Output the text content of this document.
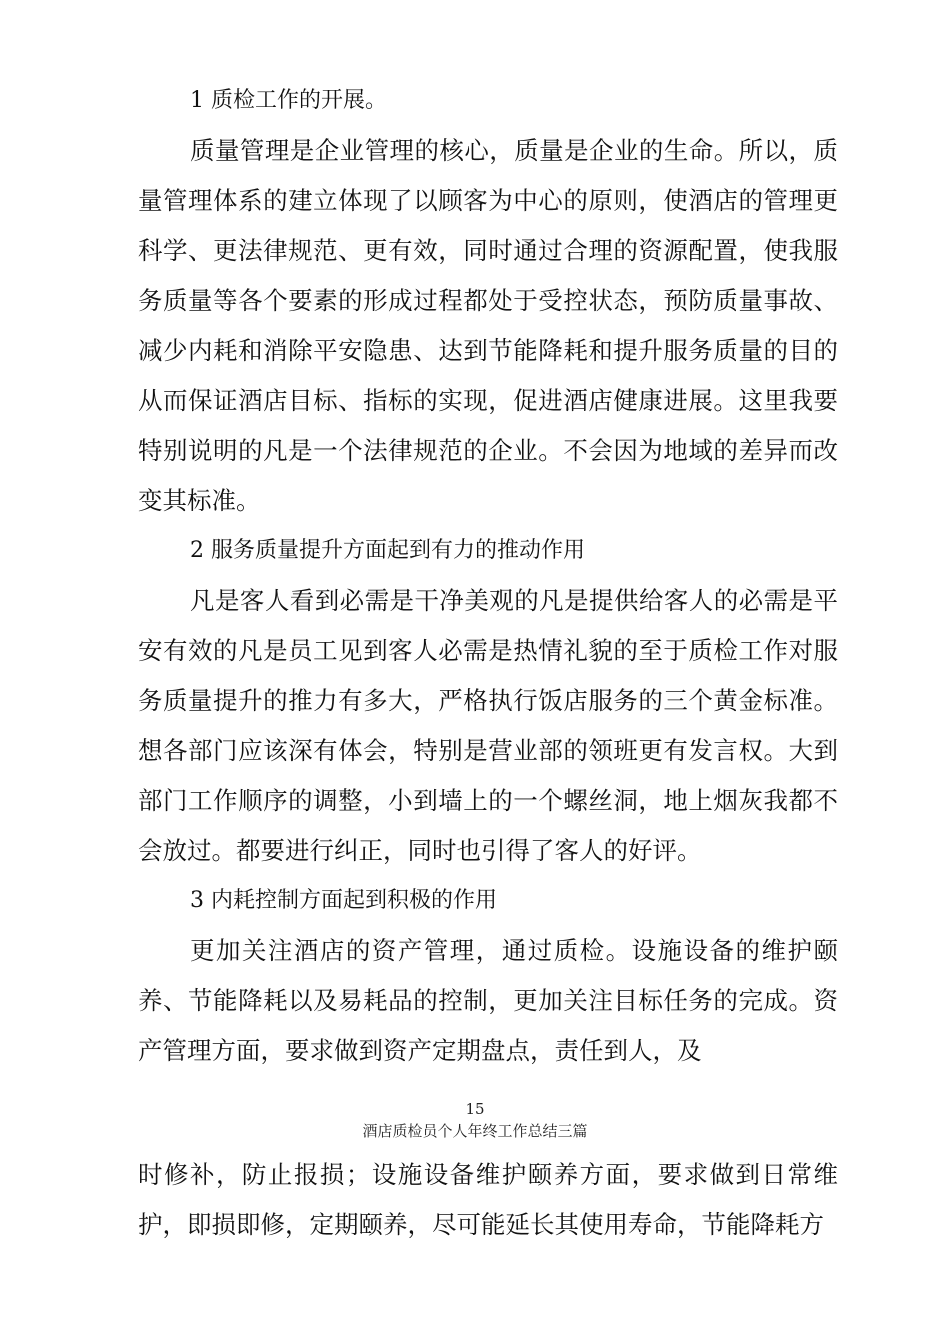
1 质检工作的开展。

质量管理是企业管理的核心，质量是企业的生命。所以，质量管理体系的建立体现了以顾客为中心的原则，使酒店的管理更科学、更法律规范、更有效，同时通过合理的资源配置，使我服务质量等各个要素的形成过程都处于受控状态，预防质量事故、减少内耗和消除平安隐患、达到节能降耗和提升服务质量的目的从而保证酒店目标、指标的实现，促进酒店健康进展。这里我要特别说明的凡是一个法律规范的企业。不会因为地域的差异而改变其标准。

2 服务质量提升方面起到有力的推动作用

凡是客人看到必需是干净美观的凡是提供给客人的必需是平安有效的凡是员工见到客人必需是热情礼貌的至于质检工作对服务质量提升的推力有多大，严格执行饭店服务的三个黄金标准。想各部门应该深有体会，特别是营业部的领班更有发言权。大到部门工作顺序的调整，小到墙上的一个螺丝洞，地上烟灰我都不会放过。都要进行纠正，同时也引得了客人的好评。

3 内耗控制方面起到积极的作用

更加关注酒店的资产管理，通过质检。设施设备的维护颐养、节能降耗以及易耗品的控制，更加关注目标任务的完成。资产管理方面，要求做到资产定期盘点，责任到人，及

15
酒店质检员个人年终工作总结三篇

时修补，防止报损；设施设备维护颐养方面，要求做到日常维护，即损即修，定期颐养，尽可能延长其使用寿命，节能降耗方
